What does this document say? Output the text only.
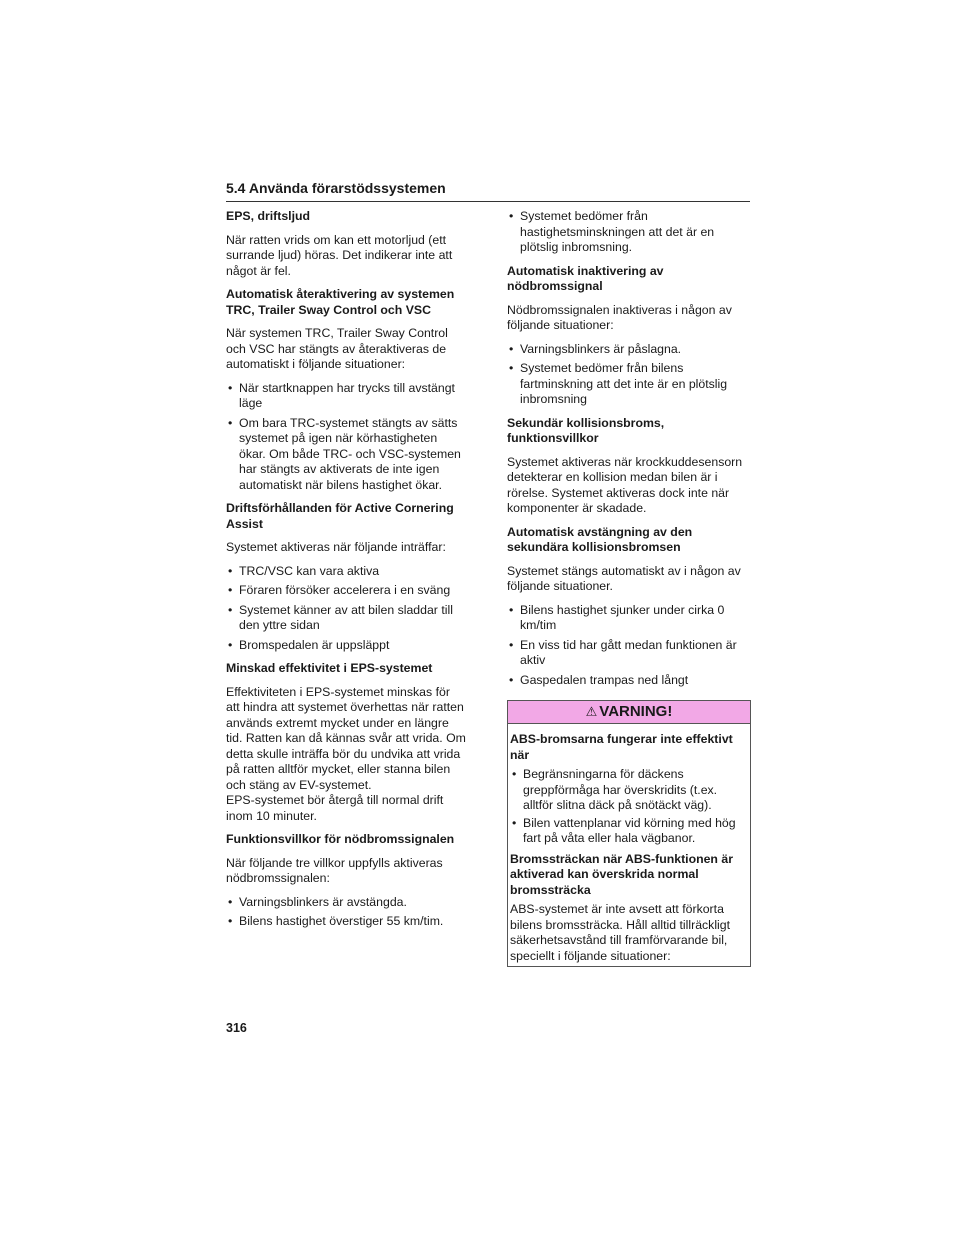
5.4 Använda förarstödssystemen
EPS, driftsljud

När ratten vrids om kan ett motorljud (ett surrande ljud) höras. Det indikerar inte att något är fel.

Automatisk återaktivering av systemen TRC, Trailer Sway Control och VSC

När systemen TRC, Trailer Sway Control och VSC har stängts av återaktiveras de automatiskt i följande situationer:

• När startknappen har trycks till avstängt läge
• Om bara TRC-systemet stängts av sätts systemet på igen när körhastigheten ökar. Om både TRC- och VSC-systemen har stängts av aktiverats de inte igen automatiskt när bilens hastighet ökar.
Driftsförhållanden för Active Cornering Assist

Systemet aktiveras när följande inträffar:

• TRC/VSC kan vara aktiva
• Föraren försöker accelerera i en sväng
• Systemet känner av att bilen sladdar till den yttre sidan
• Bromspedalen är uppsläppt
Minskad effektivitet i EPS-systemet

Effektiviteten i EPS-systemet minskas för att hindra att systemet överhettas när ratten används extremt mycket under en längre tid. Ratten kan då kännas svår att vrida. Om detta skulle inträffa bör du undvika att vrida på ratten alltför mycket, eller stanna bilen och stäng av EV-systemet.
EPS-systemet bör återgå till normal drift inom 10 minuter.

Funktionsvillkor för nödbromssignalen

När följande tre villkor uppfylls aktiveras nödbromssignalen:

• Varningsblinkers är avstängda.
• Bilens hastighet överstiger 55 km/tim.
• Systemet bedömer från hastighetsminskningen att det är en plötslig inbromsning.
Automatisk inaktivering av nödbromssignal

Nödbromssignalen inaktiveras i någon av följande situationer:

• Varningsblinkers är påslagna.
• Systemet bedömer från bilens fartminskning att det inte är en plötslig inbromsning
Sekundär kollisionsbroms, funktionsvillkor

Systemet aktiveras när krockkuddesensorn detekterar en kollision medan bilen är i rörelse. Systemet aktiveras dock inte när komponenter är skadade.

Automatisk avstängning av den sekundära kollisionsbromsen

Systemet stängs automatiskt av i någon av följande situationer.

• Bilens hastighet sjunker under cirka 0 km/tim
• En viss tid har gått medan funktionen är aktiv
• Gaspedalen trampas ned långt
⚠ VARNING!
ABS-bromsarna fungerar inte effektivt när
• Begränsningarna för däckens greppförmåga har överskridits (t.ex. alltför slitna däck på snötäckt väg).
• Bilen vattenplanar vid körning med hög fart på våta eller hala vägbanor.
Bromssträckan när ABS-funktionen är aktiverad kan överskrida normal bromssträcka

ABS-systemet är inte avsett att förkorta bilens bromssträcka. Håll alltid tillräckligt säkerhetsavstånd till framförvarande bil, speciellt i följande situationer:

316
